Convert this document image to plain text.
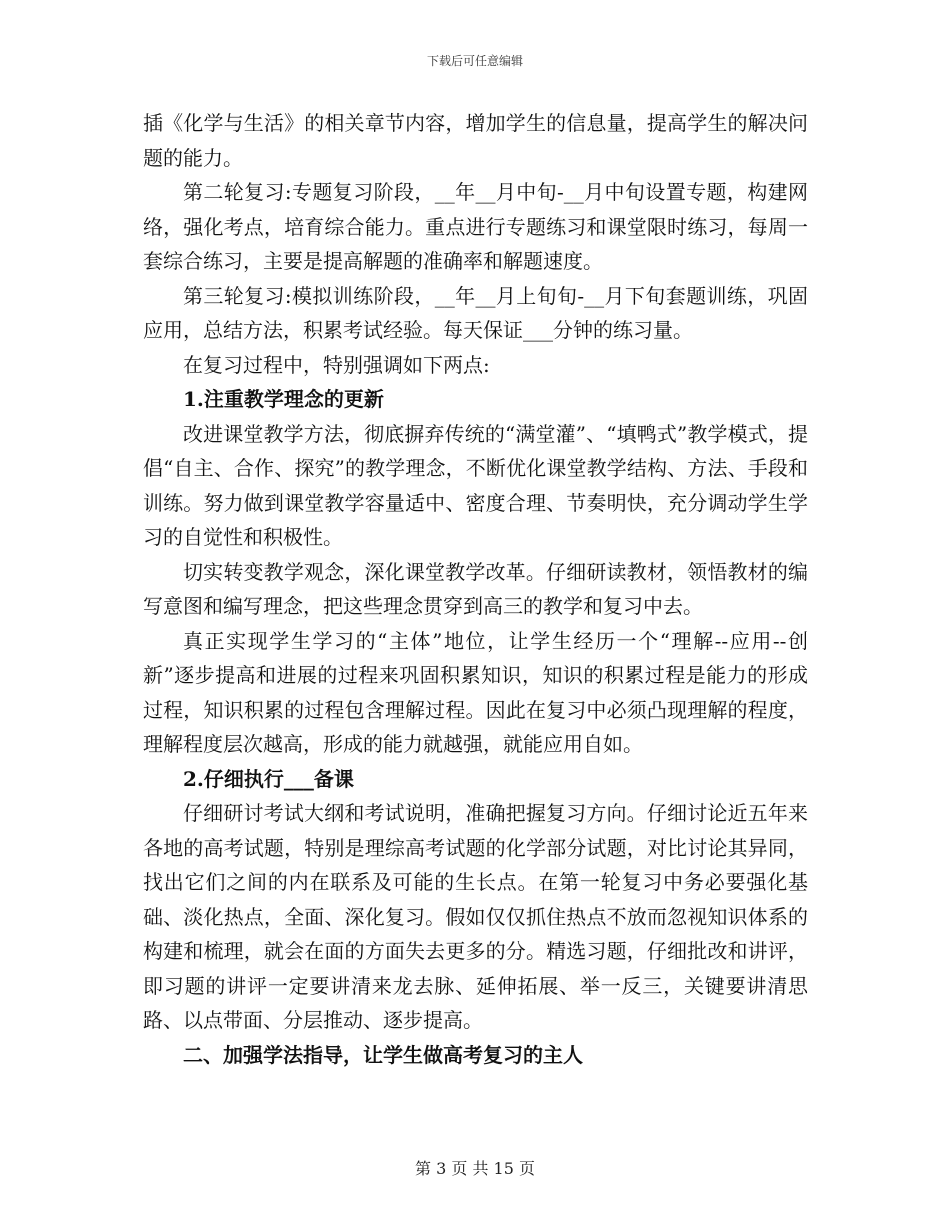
下载后可任意编辑

插《化学与生活》的相关章节内容，增加学生的信息量，提高学生的解决问题的能力。

第二轮复习:专题复习阶段，__年__月中旬-__月中旬设置专题，构建网络，强化考点，培育综合能力。重点进行专题练习和课堂限时练习，每周一套综合练习，主要是提高解题的准确率和解题速度。

第三轮复习:模拟训练阶段，__年__月上旬旬-__月下旬套题训练，巩固应用，总结方法，积累考试经验。每天保证___分钟的练习量。

在复习过程中，特别强调如下两点:

1.注重教学理念的更新

改进课堂教学方法，彻底摒弃传统的“满堂灌”、“填鸭式”教学模式，提倡“自主、合作、探究”的教学理念，不断优化课堂教学结构、方法、手段和训练。努力做到课堂教学容量适中、密度合理、节奏明快，充分调动学生学习的自觉性和积极性。

切实转变教学观念，深化课堂教学改革。仔细研读教材，领悟教材的编写意图和编写理念，把这些理念贯穿到高三的教学和复习中去。

真正实现学生学习的“主体”地位，让学生经历一个“理解--应用--创新”逐步提高和进展的过程来巩固积累知识，知识的积累过程是能力的形成过程，知识积累的过程包含理解过程。因此在复习中必须凸现理解的程度，理解程度层次越高，形成的能力就越强，就能应用自如。

2.仔细执行___备课

仔细研讨考试大纲和考试说明，准确把握复习方向。仔细讨论近五年来各地的高考试题，特别是理综高考试题的化学部分试题，对比讨论其异同，找出它们之间的内在联系及可能的生长点。在第一轮复习中务必要强化基础、淡化热点，全面、深化复习。假如仅仅抓住热点不放而忽视知识体系的构建和梳理，就会在面的方面失去更多的分。精选习题，仔细批改和讲评，即习题的讲评一定要讲清来龙去脉、延伸拓展、举一反三，关键要讲清思路、以点带面、分层推动、逐步提高。

二、加强学法指导，让学生做高考复习的主人

第 3 页 共 15 页
